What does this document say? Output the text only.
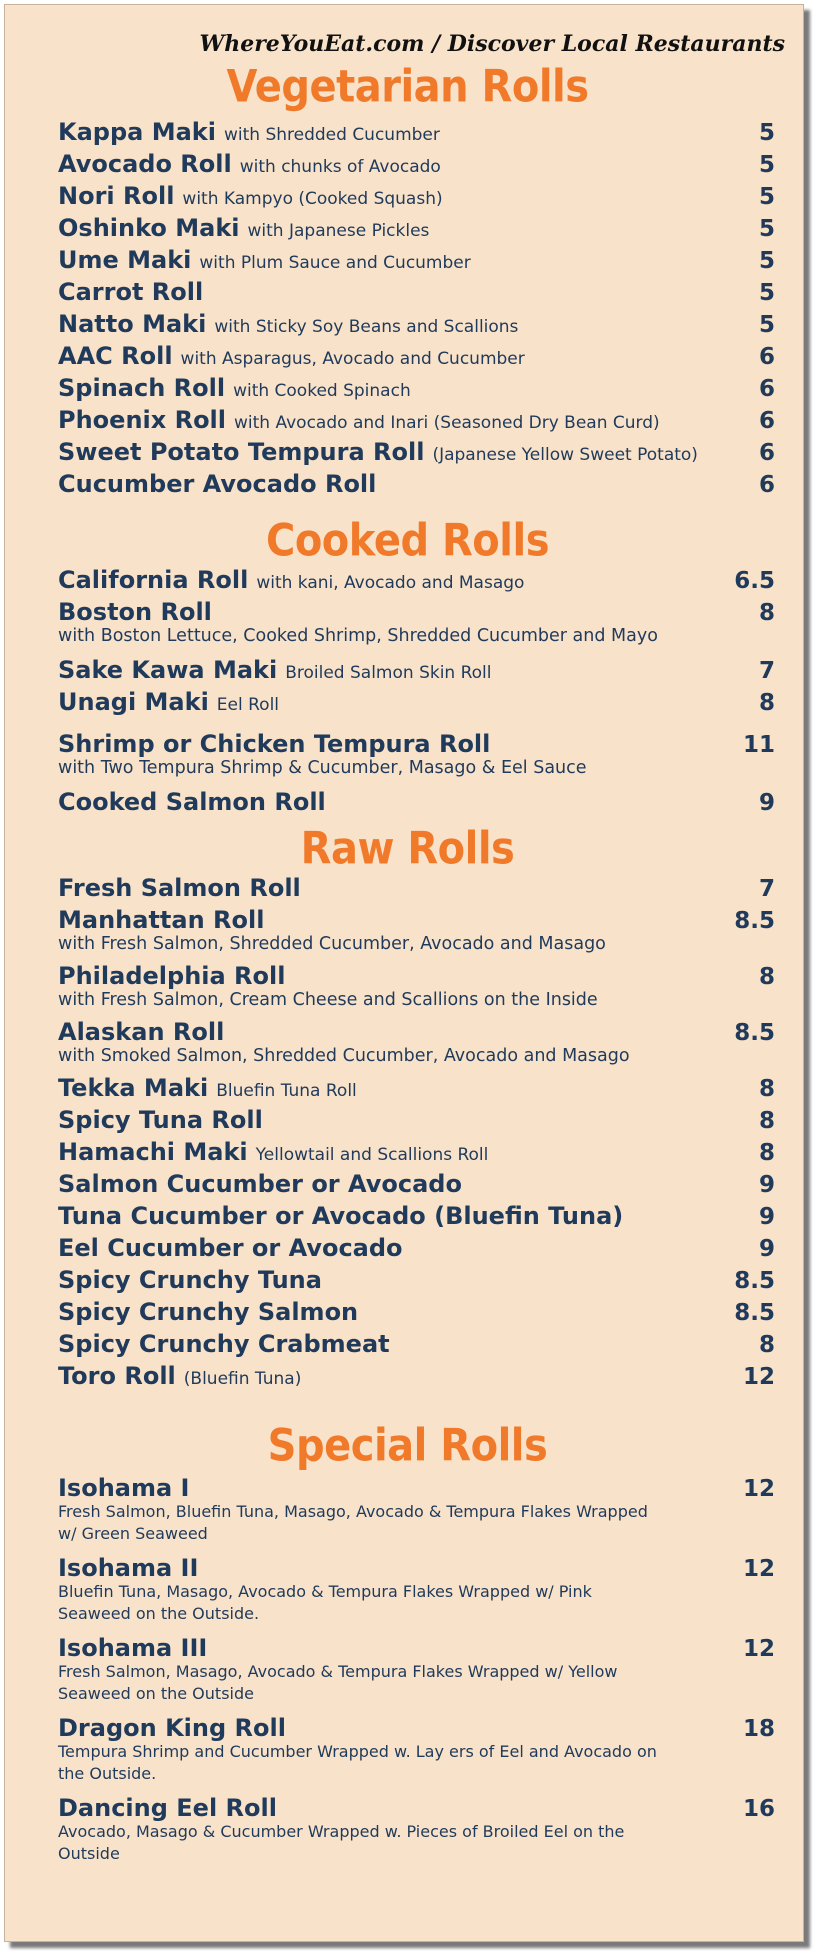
WhereYouEat.com / Discover Local Restaurants
Vegetarian Rolls
Kappa Maki with Shredded Cucumber	5
Avocado Roll with chunks of Avocado	5
Nori Roll with Kampyo (Cooked Squash)	5
Oshinko Maki with Japanese Pickles	5
Ume Maki with Plum Sauce and Cucumber	5
Carrot Roll	5
Natto Maki with Sticky Soy Beans and Scallions	5
AAC Roll with Asparagus, Avocado and Cucumber	6
Spinach Roll with Cooked Spinach	6
Phoenix Roll with Avocado and Inari (Seasoned Dry Bean Curd)	6
Sweet Potato Tempura Roll (Japanese Yellow Sweet Potato)	6
Cucumber Avocado Roll	6
Cooked Rolls
California Roll with kani, Avocado and Masago	6.5
Boston Roll	8
with Boston Lettuce, Cooked Shrimp, Shredded Cucumber and Mayo
Sake Kawa Maki Broiled Salmon Skin Roll	7
Unagi Maki Eel Roll	8
Shrimp or Chicken Tempura Roll	11
with Two Tempura Shrimp & Cucumber, Masago & Eel Sauce
Cooked Salmon Roll	9
Raw Rolls
Fresh Salmon Roll	7
Manhattan Roll	8.5
with Fresh Salmon, Shredded Cucumber, Avocado and Masago
Philadelphia Roll	8
with Fresh Salmon, Cream Cheese and Scallions on the Inside
Alaskan Roll	8.5
with Smoked Salmon, Shredded Cucumber, Avocado and Masago
Tekka Maki Bluefin Tuna Roll	8
Spicy Tuna Roll	8
Hamachi Maki Yellowtail and Scallions Roll	8
Salmon Cucumber or Avocado	9
Tuna Cucumber or Avocado (Bluefin Tuna)	9
Eel Cucumber or Avocado	9
Spicy Crunchy Tuna	8.5
Spicy Crunchy Salmon	8.5
Spicy Crunchy Crabmeat	8
Toro Roll (Bluefin Tuna)	12
Special Rolls
Isohama I	12
Fresh Salmon, Bluefin Tuna, Masago, Avocado & Tempura Flakes Wrapped w/ Green Seaweed
Isohama II	12
Bluefin Tuna, Masago, Avocado & Tempura Flakes Wrapped w/ Pink Seaweed on the Outside.
Isohama III	12
Fresh Salmon, Masago, Avocado & Tempura Flakes Wrapped w/ Yellow Seaweed on the Outside
Dragon King Roll	18
Tempura Shrimp and Cucumber Wrapped w. Lay ers of Eel and Avocado on the Outside.
Dancing Eel Roll	16
Avocado, Masago & Cucumber Wrapped w. Pieces of Broiled Eel on the Outside
